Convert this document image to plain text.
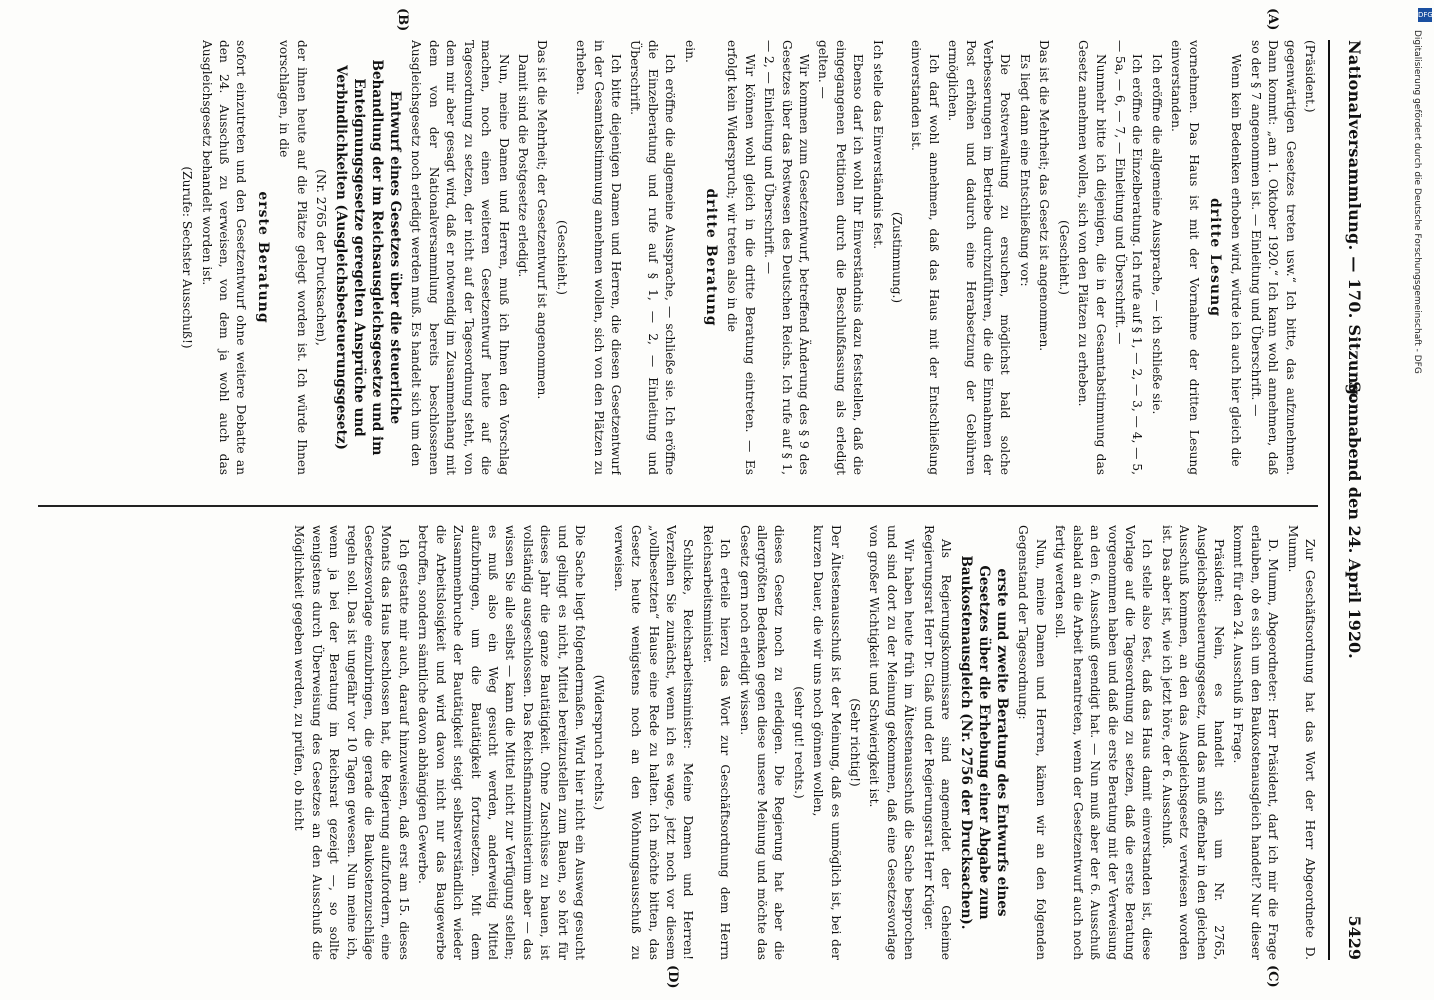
Nationalversammlung. — 170. Sitzung.
Sonnabend den 24. April 1920.
5429
(A)
(B)
(C)
(D)

(Präsident.)

gegenwärtigen Gesetzes treten usw.“ Ich bitte, das aufzunehmen. Dann kommt: „am 1. Oktober 1920.“ Ich kann wohl annehmen, daß so der § 7 angenommen ist. — Einleitung und Überschrift. —

Wenn kein Bedenken erhoben wird, würde ich auch hier gleich die

dritte Lesung

vornehmen. Das Haus ist mit der Vornahme der dritten Lesung einverstanden.

Ich eröffne die allgemeine Aussprache, — ich schließe sie.

Ich eröffne die Einzelberatung. Ich rufe auf § 1, — 2, — 3, — 4, — 5, — 5a, — 6, — 7, — Einleitung und Überschrift. —

Nunmehr bitte ich diejenigen, die in der Gesamtabstimmung das Gesetz annehmen wollen, sich von den Plätzen zu erheben.

(Geschieht.)

Das ist die Mehrheit; das Gesetz ist angenommen.

Es liegt dann eine Entschließung vor:

Die Postverwaltung zu ersuchen, möglichst bald solche Verbesserungen im Betriebe durchzuführen, die die Einnahmen der Post erhöhen und dadurch eine Herabsetzung der Gebühren ermöglichen.

Ich darf wohl annehmen, daß das Haus mit der Entschließung einverstanden ist.

(Zustimmung.)

Ich stelle das Einverständnis fest.

Ebenso darf ich wohl Ihr Einverständnis dazu feststellen, daß die eingegangenen Petitionen durch die Beschlußfassung als erledigt gelten. —

Wir kommen zum Gesetzentwurf, betreffend Änderung des § 9 des Gesetzes über das Postwesen des Deutschen Reichs. Ich rufe auf § 1, — 2, — Einleitung und Überschrift. —

Wir können wohl gleich in die dritte Beratung eintreten. — Es erfolgt kein Widerspruch; wir treten also in die

dritte Beratung

ein.

Ich eröffne die allgemeine Aussprache, — schließe sie. Ich eröffne die Einzelberatung und rufe auf § 1, — 2, — Einleitung und Überschrift.

Ich bitte diejenigen Damen und Herren, die diesen Gesetzentwurf in der Gesamtabstimmung annehmen wollen, sich von den Plätzen zu erheben.

(Geschieht.)

Das ist die Mehrheit; der Gesetzentwurf ist angenommen.

Damit sind die Postgesetze erledigt.

Nun, meine Damen und Herren, muß ich Ihnen den Vorschlag machen, noch einen weiteren Gesetzentwurf heute auf die Tagesordnung zu setzen, der nicht auf der Tagesordnung steht, von dem mir aber gesagt wird, daß er notwendig im Zusammenhang mit dem von der Nationalversammlung bereits beschlossenen Ausgleichsgesetz noch erledigt werden muß. Es handelt sich um den

Entwurf eines Gesetzes über die steuerliche Behandlung der im Reichsausgleichsgesetze und im Enteignungsgesetze geregelten Ansprüche und Verbindlichkeiten (Ausgleichsbesteuerungsgesetz)

(Nr. 2765 der Drucksachen),

der ihnen heute auf die Plätze gelegt worden ist. Ich würde Ihnen vorschlagen, in die

erste Beratung

sofort einzutreten und den Gesetzentwurf ohne weitere Debatte an den 24. Ausschuß zu verweisen, von dem ja wohl auch das Ausgleichsgesetz behandelt worden ist.

(Zurufe: Sechster Ausschuß!)

Zur Geschäftsordnung hat das Wort der Herr Abgeordnete D. Mumm.

D. Mumm, Abgeordneter: Herr Präsident, darf ich mir die Frage erlauben, ob es sich um den Baukostenausgleich handelt? Nur dieser kommt für den 24. Ausschuß in Frage.

Präsident: Nein, es handelt sich um Nr. 2765, Ausgleichsbesteuerungsgesetz, und das muß offenbar in den gleichen Ausschuß kommen, an den das Ausgleichsgesetz verwiesen worden ist. Das aber ist, wie ich jetzt höre, der 6. Ausschuß.

Ich stelle also fest, daß das Haus damit einverstanden ist, diese Vorlage auf die Tagesordnung zu setzen, daß die erste Beratung vorgenommen haben und daß die erste Beratung mit der Verweisung an den 6. Ausschuß geendigt hat. — Nun muß aber der 6. Ausschuß alsbald an die Arbeit herantreten, wenn der Gesetzentwurf auch noch fertig werden soll.

Nun, meine Damen und Herren, kämen wir an den folgenden Gegenstand der Tagesordnung:

erste und zweite Beratung des Entwurfs eines Gesetzes über die Erhebung einer Abgabe zum Baukostenausgleich (Nr. 2756 der Drucksachen).

Als Regierungskommissare sind angemeldet der Geheime Regierungsrat Herr Dr. Glaß und der Regierungsrat Herr Krüger.

Wir haben heute früh im Ältestenausschuß die Sache besprochen und sind dort zu der Meinung gekommen, daß eine Gesetzesvorlage von großer Wichtigkeit und Schwierigkeit ist.

(Sehr richtig!)

Der Ältestenausschuß ist der Meinung, daß es unmöglich ist, bei der kurzen Dauer, die wir uns noch gönnen wollen,

(sehr gut! rechts.)

dieses Gesetz noch zu erledigen. Die Regierung hat aber die allergrößten Bedenken gegen diese unsere Meinung und möchte das Gesetz gern noch erledigt wissen.

Ich erteile hierzu das Wort zur Geschäftsordnung dem Herrn Reichsarbeitsminister.

Schlicke, Reichsarbeitsminister: Meine Damen und Herren! Verzeihen Sie zunächst, wenn ich es wage, jetzt noch vor diesem „vollbesetzten“ Hause eine Rede zu halten. Ich möchte bitten, das Gesetz heute wenigstens noch an den Wohnungsausschuß zu verweisen.

(Widerspruch rechts.)

Die Sache liegt folgendermaßen. Wird hier nicht ein Ausweg gesucht und gelingt es nicht, Mittel bereitzustellen zum Bauen, so hört für dieses Jahr die ganze Bautätigkeit. Ohne Zuschüsse zu bauen, ist vollständig ausgeschlossen. Das Reichsfinanzministerium aber — das wissen Sie alle selbst — kann die Mittel nicht zur Verfügung stellen; es muß also ein Weg gesucht werden, anderweitig Mittel aufzubringen, um die Bautätigkeit fortzusetzen. Mit dem Zusammenbruche der Bautätigkeit steigt selbstverständlich wieder die Arbeitslosigkeit und wird davon nicht nur das Baugewerbe betroffen, sondern sämtliche davon abhängigen Gewerbe.

Ich gestatte mir auch, darauf hinzuweisen, daß erst am 15. dieses Monats das Haus beschlossen hat, die Regierung aufzufordern, eine Gesetzesvorlage einzubringen, die gerade die Baukostenzuschläge regeln soll. Das ist ungefähr vor 10 Tagen gewesen. Nun meine ich, wenn ja bei der Beratung im Reichsrat gezeigt —, so sollte wenigstens durch Überweisung des Gesetzes an den Ausschuß die Möglichkeit gegeben werden, zu prüfen, ob nicht

DFG
Digitalisierung gefördert durch die Deutsche Forschungsgemeinschaft - DFG
